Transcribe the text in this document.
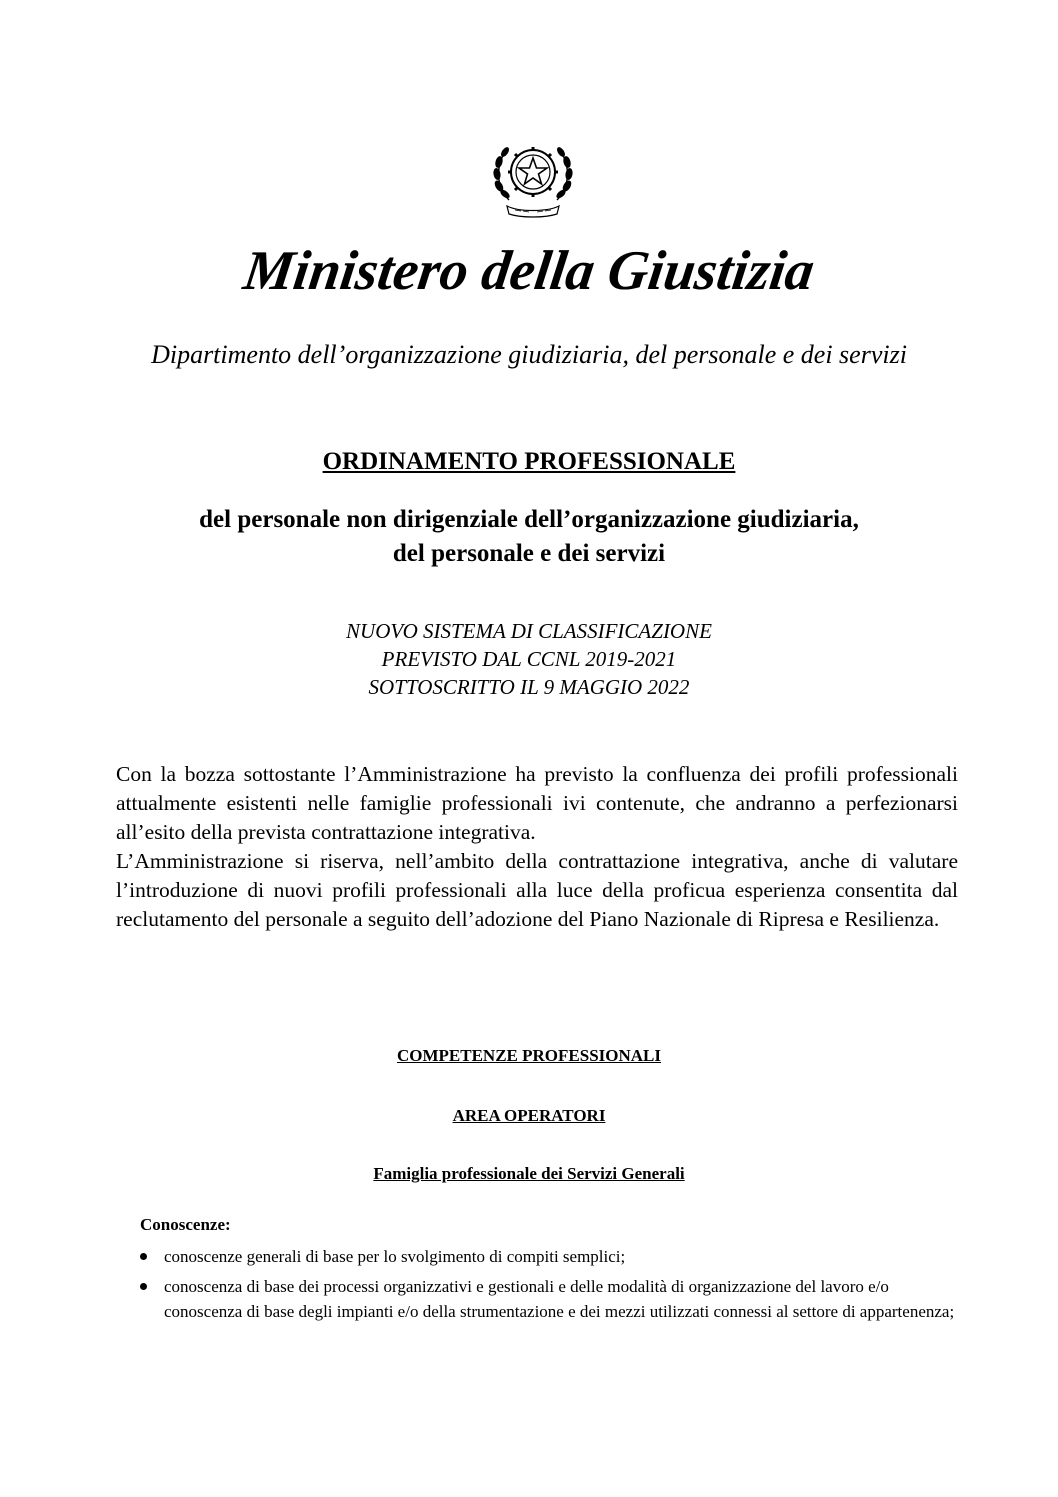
Ministero della Giustizia
Dipartimento dell’organizzazione giudiziaria, del personale e dei servizi
ORDINAMENTO PROFESSIONALE
del personale non dirigenziale dell’organizzazione giudiziaria,
del personale e dei servizi
NUOVO SISTEMA DI CLASSIFICAZIONE
PREVISTO DAL CCNL 2019-2021
SOTTOSCRITTO IL 9 MAGGIO 2022

Con la bozza sottostante l’Amministrazione ha previsto la confluenza dei profili professionali attualmente esistenti nelle famiglie professionali ivi contenute, che andranno a perfezionarsi all’esito della prevista contrattazione integrativa.

L’Amministrazione si riserva, nell’ambito della contrattazione integrativa, anche di valutare l’introduzione di nuovi profili professionali alla luce della proficua esperienza consentita dal reclutamento del personale a seguito dell’adozione del Piano Nazionale di Ripresa e Resilienza.

COMPETENZE PROFESSIONALI
AREA OPERATORI
Famiglia professionale dei Servizi Generali
Conoscenze:
conoscenze generali di base per lo svolgimento di compiti semplici;
conoscenza di base dei processi organizzativi e gestionali e delle modalità di organizzazione del lavoro e/o conoscenza di base degli impianti e/o della strumentazione e dei mezzi utilizzati connessi al settore di appartenenza;
